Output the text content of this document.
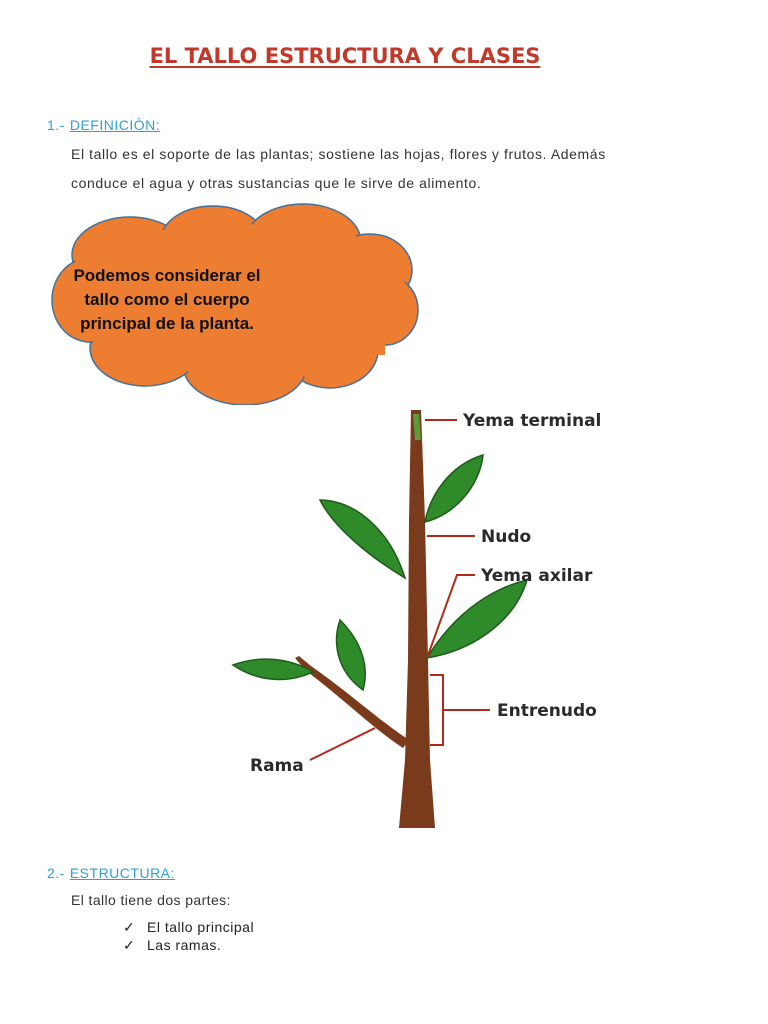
EL TALLO ESTRUCTURA Y CLASES
1.- DEFINICIÒN:
El tallo es el soporte de las plantas; sostiene las hojas, flores y frutos. Además
conduce el agua y otras sustancias que le sirve de alimento.
Podemos considerar el
tallo como el cuerpo
principal de la planta.
Yema terminal
Nudo
Yema axilar
Entrenudo
Rama
2.- ESTRUCTURA:
El tallo tiene dos partes:
✓ El tallo principal
✓ Las ramas.
